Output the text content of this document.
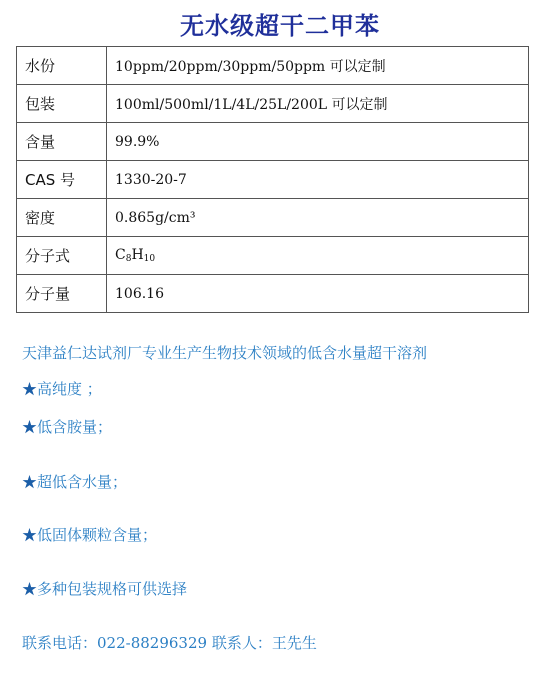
无水级超干二甲苯
水份	10ppm/20ppm/30ppm/50ppm 可以定制
包装	100ml/500ml/1L/4L/25L/200L 可以定制
含量	99.9%
CAS 号	1330-20-7
密度	0.865g/cm³
分子式	$C_8H_{10}$
分子量	106.16
天津益仁达试剂厂专业生产生物技术领域的低含水量超干溶剂
★高纯度 ；
★低含胺量；
★超低含水量；
★低固体颗粒含量；
★多种包装规格可供选择
联系电话：022-88296329 联系人：王先生
